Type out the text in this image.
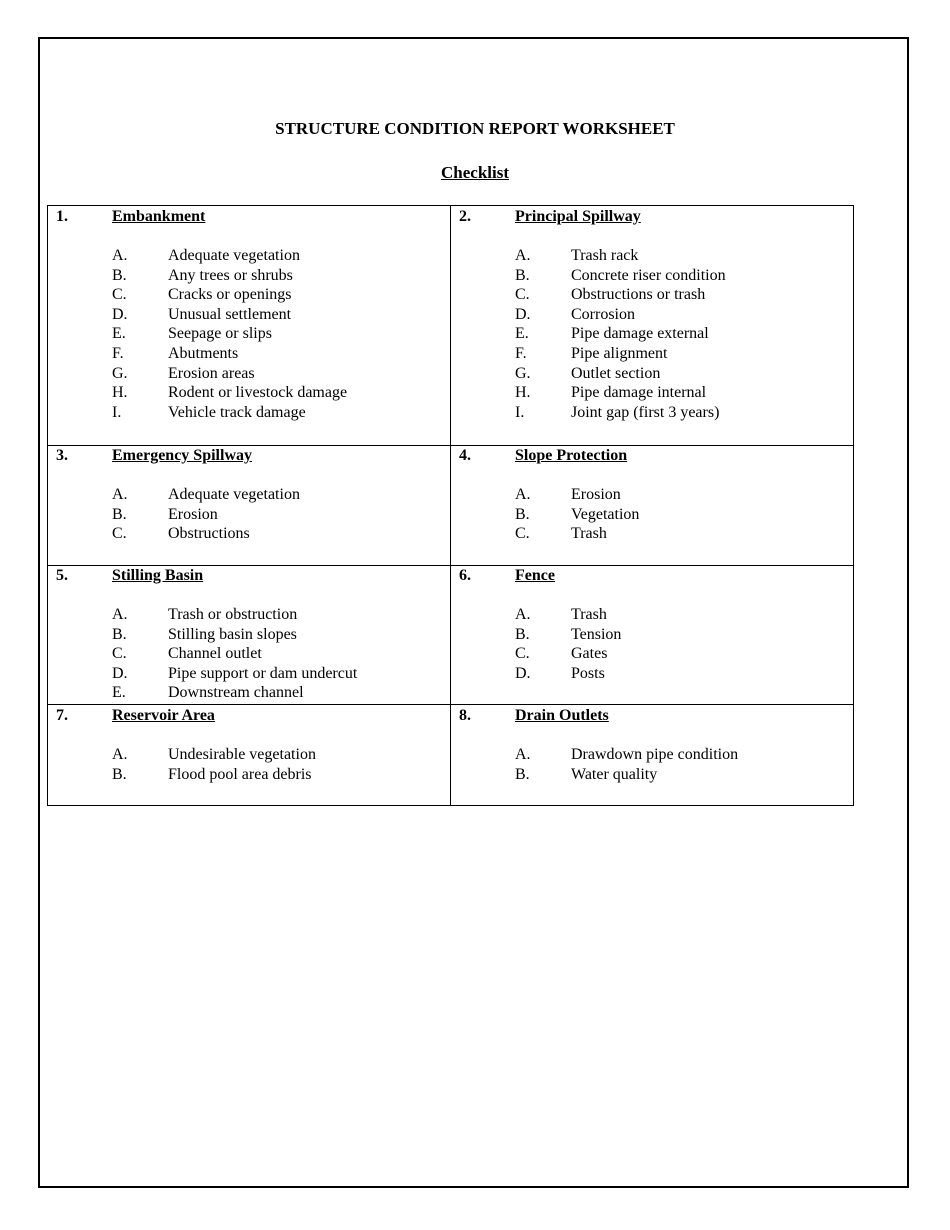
STRUCTURE CONDITION REPORT WORKSHEET
Checklist
1.	Embankment
A.	Adequate vegetation
B.	Any trees or shrubs
C.	Cracks or openings
D.	Unusual settlement
E.	Seepage or slips
F.	Abutments
G.	Erosion areas
H.	Rodent or livestock damage
I.	Vehicle track damage
2.	Principal Spillway
A.	Trash rack
B.	Concrete riser condition
C.	Obstructions or trash
D.	Corrosion
E.	Pipe damage external
F.	Pipe alignment
G.	Outlet section
H.	Pipe damage internal
I.	Joint gap (first 3 years)
3.	Emergency Spillway
A.	Adequate vegetation
B.	Erosion
C.	Obstructions
4.	Slope Protection
A.	Erosion
B.	Vegetation
C.	Trash
5.	Stilling Basin
A.	Trash or obstruction
B.	Stilling basin slopes
C.	Channel outlet
D.	Pipe support or dam undercut
E.	Downstream channel
6.	Fence
A.	Trash
B.	Tension
C.	Gates
D.	Posts
7.	Reservoir Area
A.	Undesirable vegetation
B.	Flood pool area debris
8.	Drain Outlets
A.	Drawdown pipe condition
B.	Water quality
